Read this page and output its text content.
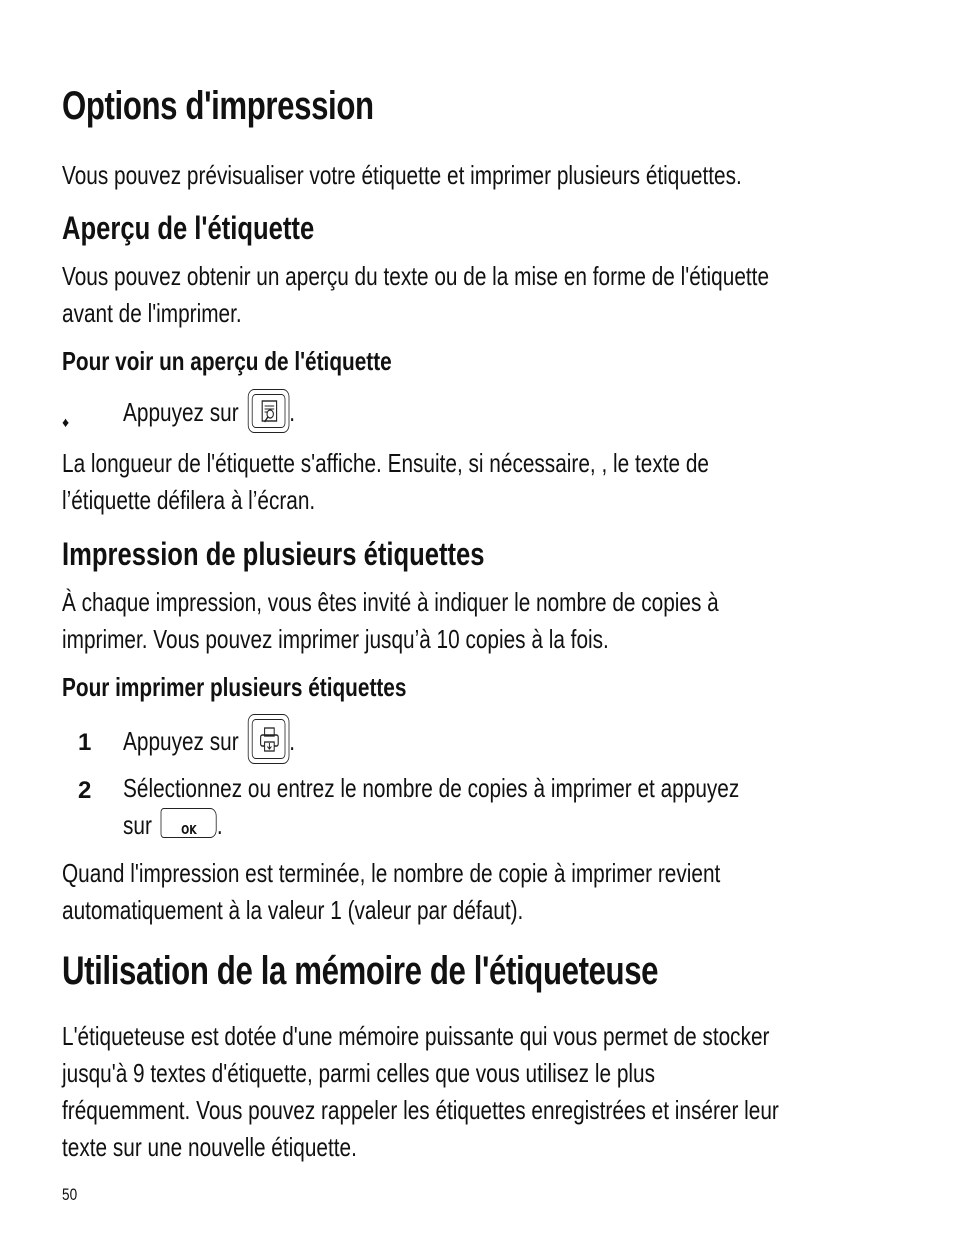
Options d'impression
Vous pouvez prévisualiser votre étiquette et imprimer plusieurs étiquettes.
Aperçu de l'étiquette
Vous pouvez obtenir un aperçu du texte ou de la mise en forme de l'étiquette
avant de l'imprimer.
Pour voir un aperçu de l'étiquette
♦ Appuyez sur .
La longueur de l'étiquette s'affiche. Ensuite, si nécessaire, , le texte de
l’étiquette défilera à l’écran.
Impression de plusieurs étiquettes
À chaque impression, vous êtes invité à indiquer le nombre de copies à
imprimer. Vous pouvez imprimer jusqu’à 10 copies à la fois.
Pour imprimer plusieurs étiquettes
1 Appuyez sur .
2 Sélectionnez ou entrez le nombre de copies à imprimer et appuyez
sur	OK .
Quand l'impression est terminée, le nombre de copie à imprimer revient
automatiquement à la valeur 1 (valeur par défaut).
Utilisation de la mémoire de l'étiqueteuse
L'étiqueteuse est dotée d'une mémoire puissante qui vous permet de stocker
jusqu'à 9 textes d'étiquette, parmi celles que vous utilisez le plus
fréquemment. Vous pouvez rappeler les étiquettes enregistrées et insérer leur
texte sur une nouvelle étiquette.
50
